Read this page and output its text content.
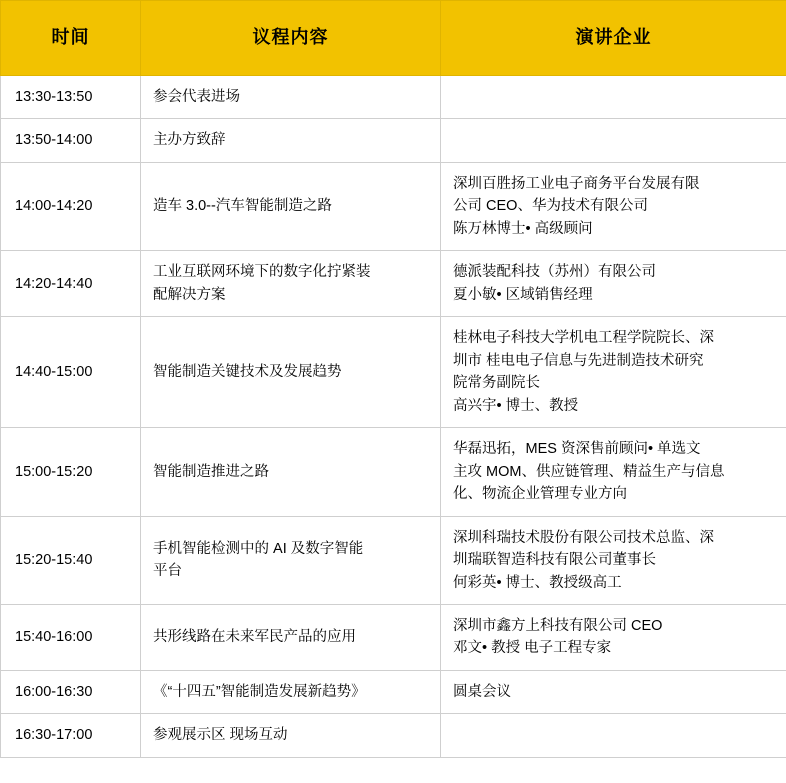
时间	议程内容	演讲企业
13:30-13:50	参会代表进场	

13:50-14:00	主办方致辞	

14:00-14:20	造车 3.0--汽车智能制造之路	深圳百胜扬工业电子商务平台发展有限
公司 CEO、华为技术有限公司
陈万林博士• 高级顾问

14:20-14:40	工业互联网环境下的数字化拧紧装
配解决方案	德派装配科技（苏州）有限公司
夏小敏• 区域销售经理

14:40-15:00	智能制造关键技术及发展趋势	桂林电子科技大学机电工程学院院长、深
圳市 桂电电子信息与先进制造技术研究
院常务副院长
高兴宇• 博士、教授

15:00-15:20	智能制造推进之路	华磊迅拓，MES 资深售前顾问• 单选文
主攻 MOM、供应链管理、精益生产与信息
化、物流企业管理专业方向

15:20-15:40	手机智能检测中的 AI 及数字智能
平台	深圳科瑞技术股份有限公司技术总监、深
圳瑞联智造科技有限公司董事长
何彩英• 博士、教授级高工

15:40-16:00	共形线路在未来军民产品的应用	深圳市鑫方上科技有限公司 CEO
邓文• 教授 电子工程专家

16:00-16:30	《“十四五”智能制造发展新趋势》	圆桌会议

16:30-17:00	参观展示区 现场互动	
